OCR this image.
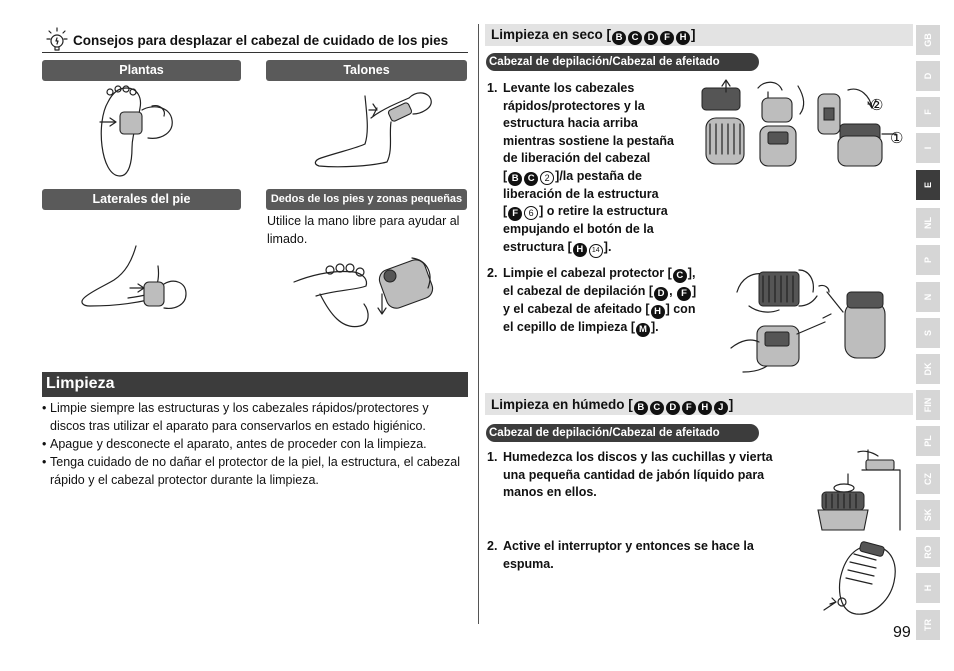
Consejos para desplazar el cabezal de cuidado de los pies
Plantas	Talones
Laterales del pie	Dedos de los pies y zonas pequeñas
Utilice la mano libre para ayudar al limado.
Limpieza
• Limpie siempre las estructuras y los cabezales rápidos/protectores y discos tras utilizar el aparato para conservarlos en estado higiénico.
• Apague y desconecte el aparato, antes de proceder con la limpieza.
• Tenga cuidado de no dañar el protector de la piel, la estructura, el cabezal rápido y el cabezal protector durante la limpieza.
Limpieza en seco [ B C D F H ]
Cabezal de depilación/Cabezal de afeitado
1. Levante los cabezales
rápidos/protectores y la
estructura hacia arriba
mientras sostiene la pestaña
de liberación del cabezal
[ B C 2 ]/la pestaña de
liberación de la estructura
[ F 6 ] o retire la estructura
empujando el botón de la
estructura [ H 14 ].
②
①
2. Limpie el cabezal protector [ C ],
el cabezal de depilación [ D , F ]
y el cabezal de afeitado [ H ] con
el cepillo de limpieza [ M ].
Limpieza en húmedo [ B C D F H J ]
Cabezal de depilación/Cabezal de afeitado
1. Humedezca los discos y las cuchillas y vierta
una pequeña cantidad de jabón líquido para
manos en ellos.
2. Active el interruptor y entonces se hace la
espuma.
99
GB
D
F
I
E
NL
P
N
S
DK
FIN
PL
CZ
SK
RO
H
TR
